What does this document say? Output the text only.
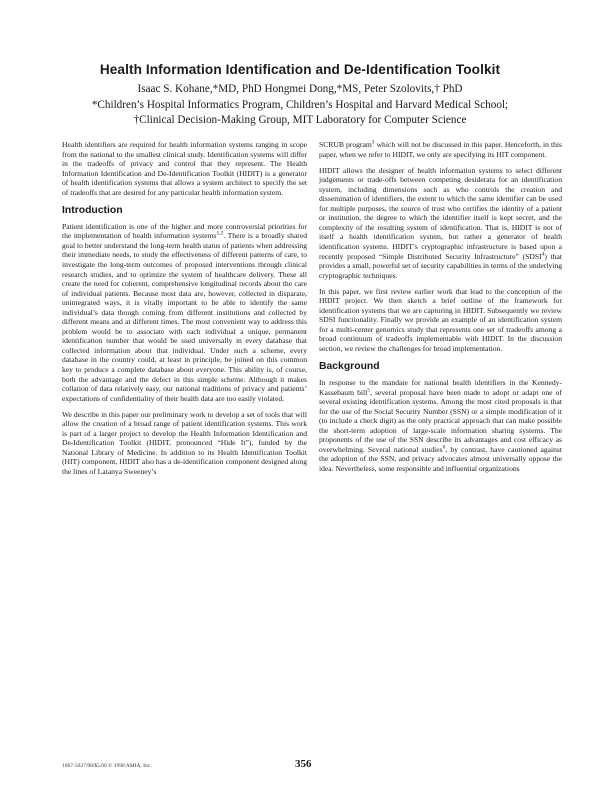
Health Information Identification and De-Identification Toolkit
Isaac S. Kohane,*MD, PhD Hongmei Dong,*MS, Peter Szolovits,† PhD
*Children’s Hospital Informatics Program, Children’s Hospital and Harvard Medical School;
†Clinical Decision-Making Group, MIT Laboratory for Computer Science

Health identifiers are required for health information systems ranging in scope from the national to the smallest clinical study. Identification systems will differ in the tradeoffs of privacy and control that they represent. The Health Information Identification and De-Identification Toolkit (HIDIT) is a generator of health identification systems that allows a system architect to specify the set of tradeoffs that are desired for any particular health information system.

Introduction

Patient identification is one of the higher and more controversial priorities for the implementation of health information systems$^{1,2}$. There is a broadly shared goal to better understand the long-term health status of patients when addressing their immediate needs, to study the effectiveness of different patterns of care, to investigate the long-term outcomes of proposed interventions through clinical research studies, and to optimize the system of healthcare delivery. These all create the need for coherent, comprehensive longitudinal records about the care of individual patients. Because most data are, however, collected in disparate, unintegrated ways, it is vitally important to be able to identify the same individual’s data though coming from different institutions and collected by different means and at different times. The most convenient way to address this problem would be to associate with each individual a unique, permanent identification number that would be used universally in every database that collected information about that individual. Under such a scheme, every database in the country could, at least in principle, be joined on this common key to produce a complete database about everyone. This ability is, of course, both the advantage and the defect in this simple scheme. Although it makes collation of data relatively easy, our national traditions of privacy and patients’ expectations of confidentiality of their health data are too easily violated.

We describe in this paper our preliminary work to develop a set of tools that will allow the creation of a broad range of patient identification systems. This work is part of a larger project to develop the Health Information Identification and De-Identification Toolkit (HIDIT, pronounced “Hide It”), funded by the National Library of Medicine. In addition to its Health Identification Toolkit (HIT) component, HIDIT also has a de-identification component designed along the lines of Latanya Sweeney’s

SCRUB program$^3$ which will not be discussed in this paper. Henceforth, in this paper, when we refer to HIDIT, we only are specifying its HIT component.

HIDIT allows the designer of health information systems to select different judgements or trade-offs between competing desiderata for an identification system, including dimensions such as who controls the creation and dissemination of identifiers, the extent to which the same identifier can be used for multiple purposes, the source of trust who certifies the identity of a patient or institution, the degree to which the identifier itself is kept secret, and the complexity of the resulting system of identification. That is, HIDIT is not of itself a health identification system, but rather a generator of health identification systems. HIDIT’s cryptographic infrastructure is based upon a recently proposed “Simple Distributed Security Infrastructure” (SDSI$^4$) that provides a small, powerful set of security capabilities in terms of the underlying cryptographic techniques.

In this paper, we first review earlier work that lead to the conception of the HIDIT project. We then sketch a brief outline of the framework for identification systems that we are capturing in HIDIT. Subsequently we review SDSI functionality. Finally we provide an example of an identification system for a multi-center genomics study that represents one set of tradeoffs among a broad continuum of tradeoffs implementable with HIDIT. In the discussion section, we review the challenges for broad implementation.

Background

In response to the mandate for national health identifiers in the Kennedy-Kassebaum bill$^5$, several proposal have been made to adopt or adapt one of several existing identification systems. Among the most cited proposals is that for the use of the Social Security Number (SSN) or a simple modification of it (to include a check digit) as the only practical approach that can make possible the short-term adoption of large-scale information sharing systems. The proponents of the use of the SSN describe its advantages and cost efficacy as overwhelming. Several national studies$^6$, by contrast, have cautioned against the adoption of the SSN, and privacy advocates almost universally oppose the idea. Nevertheless, some responsible and influential organizations

1067-5027/98/$5.00 © 1998 AMIA, Inc.	356
